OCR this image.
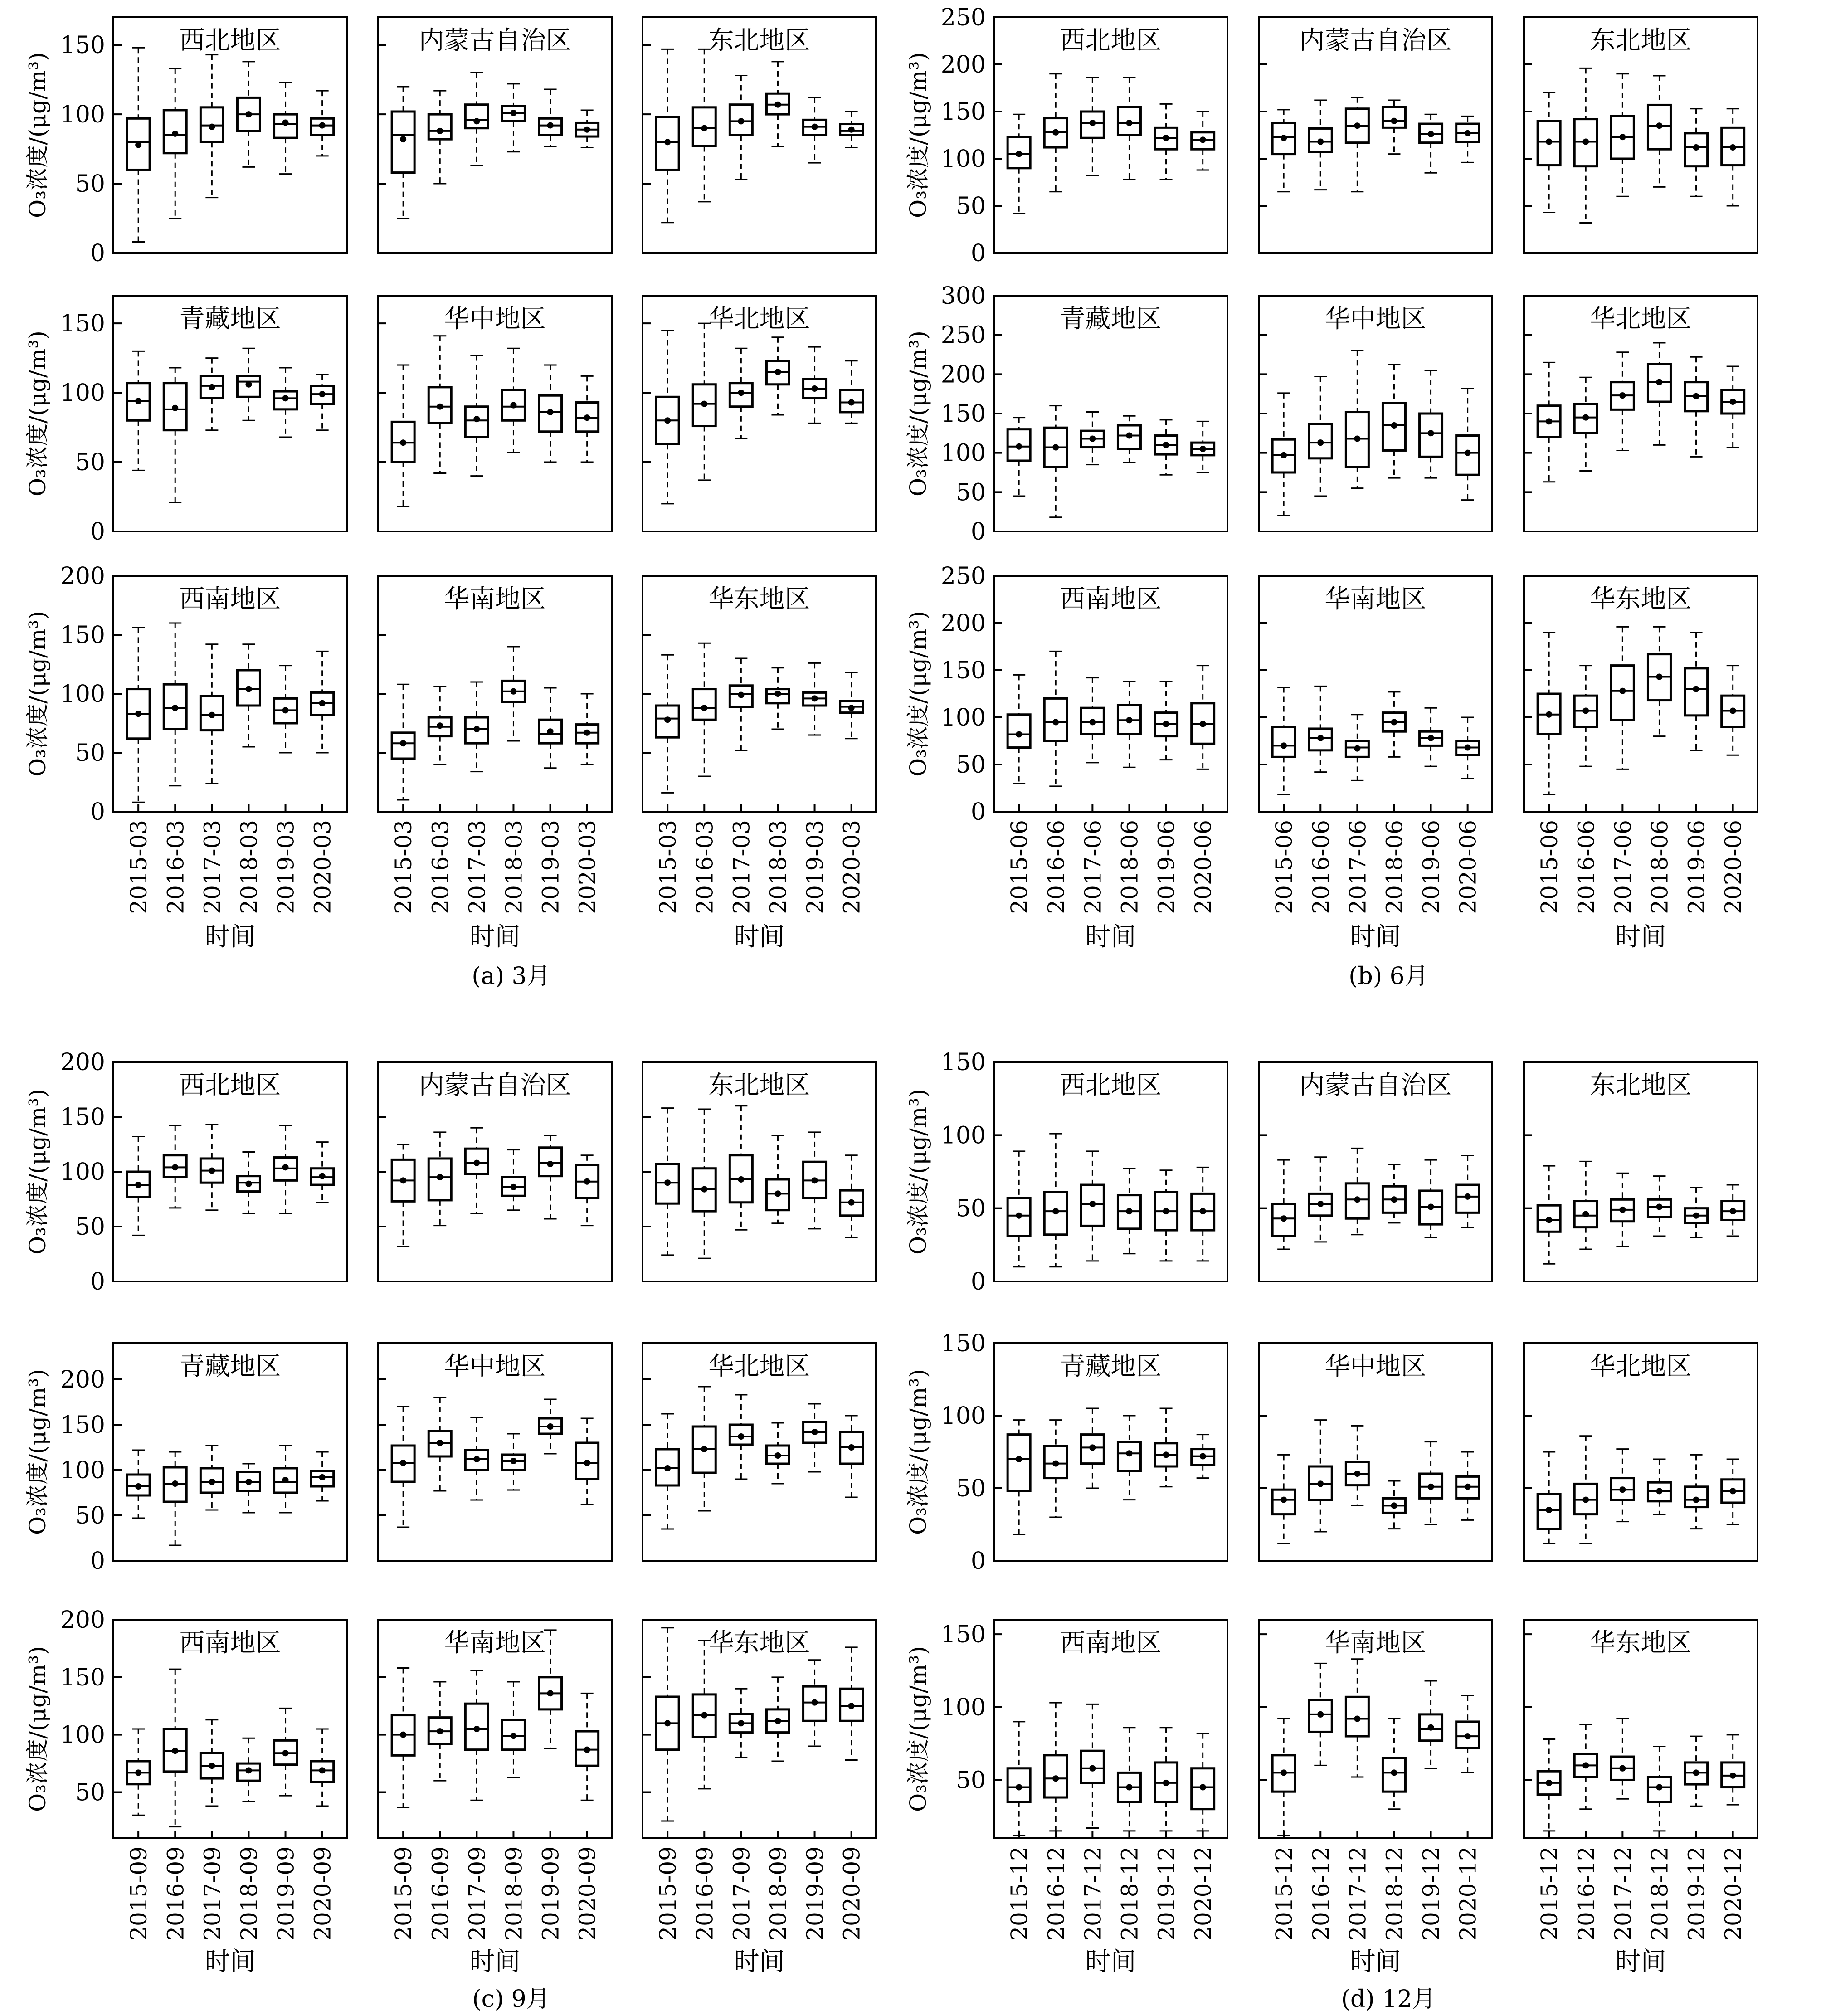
0
50
100
150
O₃浓度/(μg/m³)
西北地区	内蒙古自治区	东北地区
0
50
100
150
O₃浓度/(μg/m³)
青藏地区	华中地区	华北地区
0
50
100
150
200
O₃浓度/(μg/m³)
西南地区
2015-03 2016-03 2017-03 2018-03 2019-03 2020-03
时间
华南地区
2015-03 2016-03 2017-03 2018-03 2019-03 2020-03
时间
华东地区
2015-03 2016-03 2017-03 2018-03 2019-03 2020-03
时间
(a) 3月
0
50
100
150
200
250
O₃浓度/(μg/m³)
西北地区	内蒙古自治区	东北地区
0
50
100
150
200
250
300
O₃浓度/(μg/m³)
青藏地区	华中地区	华北地区
0
50
100
150
200
250
O₃浓度/(μg/m³)
西南地区
2015-06 2016-06 2017-06 2018-06 2019-06 2020-06
时间
华南地区
2015-06 2016-06 2017-06 2018-06 2019-06 2020-06
时间
华东地区
2015-06 2016-06 2017-06 2018-06 2019-06 2020-06
时间
(b) 6月
0
50
100
150
200
O₃浓度/(μg/m³)
西北地区	内蒙古自治区	东北地区
0
50
100
150
200
O₃浓度/(μg/m³)
青藏地区	华中地区	华北地区
50
100
150
200
O₃浓度/(μg/m³)
西南地区
2015-09 2016-09 2017-09 2018-09 2019-09 2020-09
时间
华南地区
2015-09 2016-09 2017-09 2018-09 2019-09 2020-09
时间
华东地区
2015-09 2016-09 2017-09 2018-09 2019-09 2020-09
时间
(c) 9月
0
50
100
150
O₃浓度/(μg/m³)
西北地区	内蒙古自治区	东北地区
0
50
100
150
O₃浓度/(μg/m³)
青藏地区	华中地区	华北地区
50
100
150
O₃浓度/(μg/m³)
西南地区
2015-12 2016-12 2017-12 2018-12 2019-12 2020-12
时间
华南地区
2015-12 2016-12 2017-12 2018-12 2019-12 2020-12
时间
华东地区
2015-12 2016-12 2017-12 2018-12 2019-12 2020-12
时间
(d) 12月
